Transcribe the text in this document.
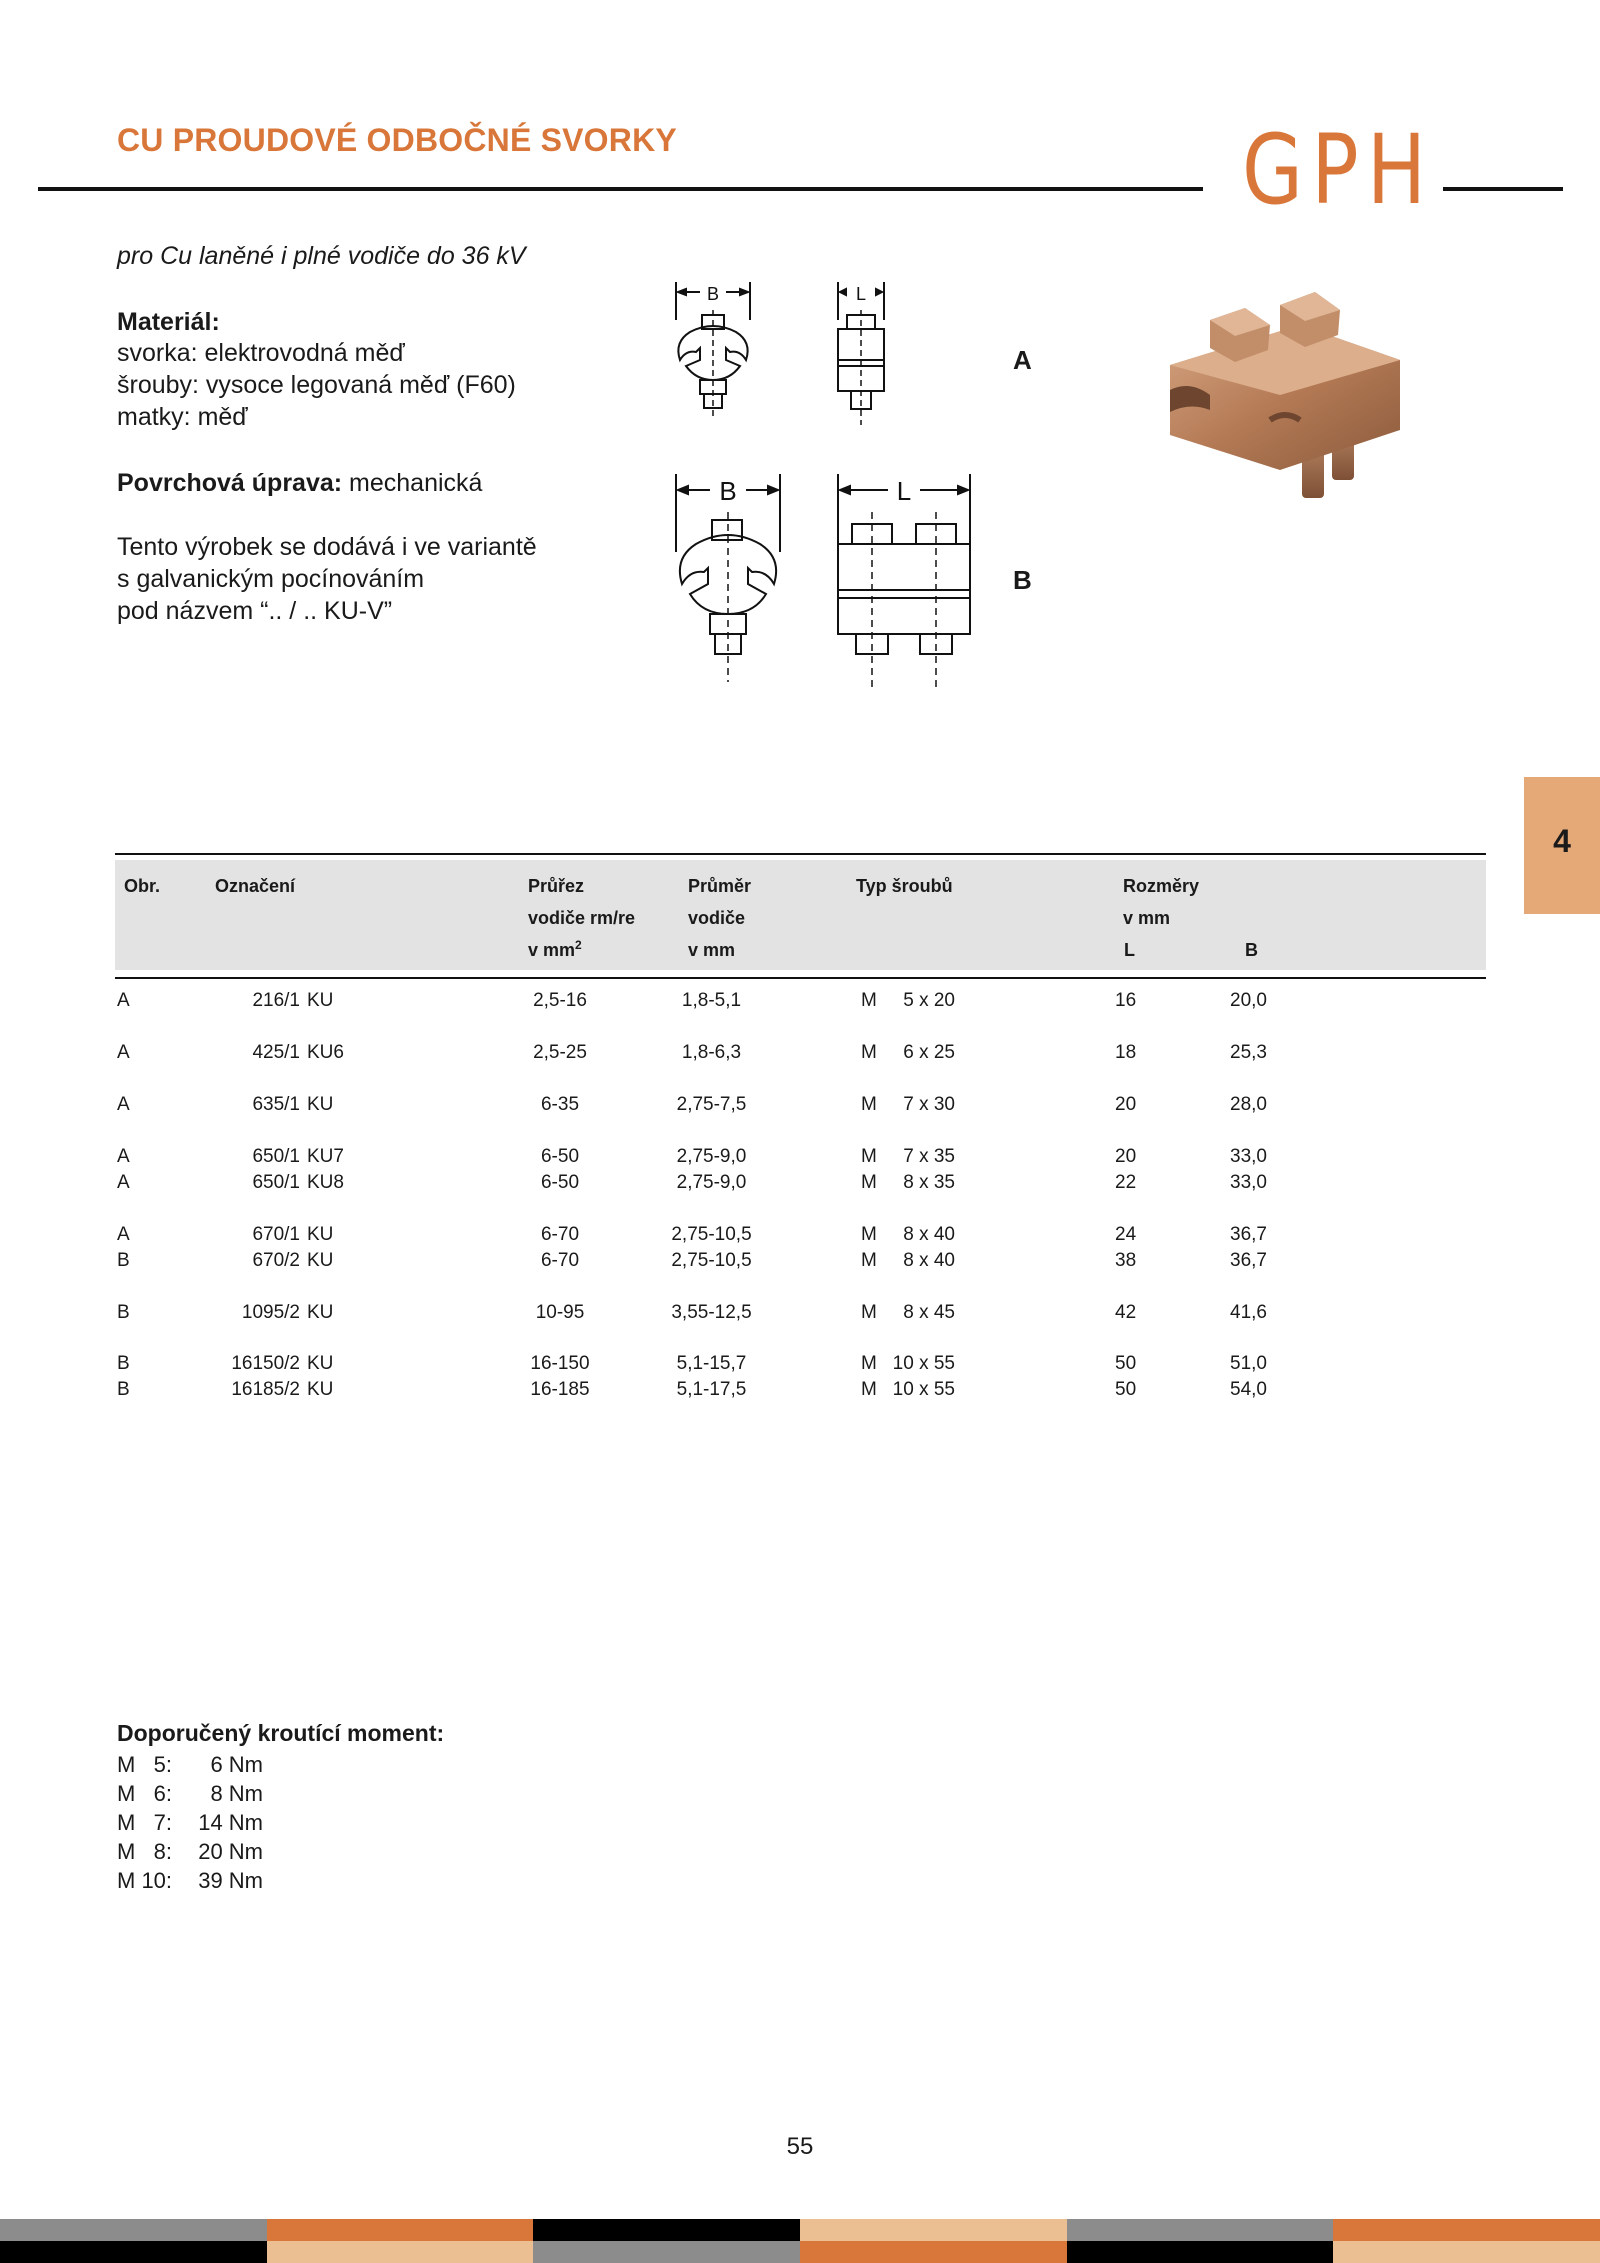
CU PROUDOVÉ ODBOČNÉ SVORKY	GPH
pro Cu laněné i plné vodiče do 36 kV
Materiál:
svorka: elektrovodná měď
šrouby: vysoce legovaná měď (F60)
matky: měď
Povrchová úprava: mechanická
Tento výrobek se dodává i ve variantě
s galvanickým pocínováním
pod názvem “.. / .. KU-V”
B	L
A
B	L
B
4
Obr.	Označení	Průřez
vodiče rm/re
v $mm^2$
Průměr
vodiče
v mm
Typ šroubů	Rozměry
v mm
L	B
A	216/1 KU	2,5-16	1,8-5,1	M	5 x 20	16	20,0
A	425/1 KU6	2,5-25	1,8-6,3	M	6 x 25	18	25,3
A	635/1 KU	6-35	2,75-7,5	M	7 x 30	20	28,0
A	650/1 KU7	6-50	2,75-9,0	M	7 x 35	20	33,0
A	650/1 KU8	6-50	2,75-9,0	M	8 x 35	22	33,0
A	670/1 KU	6-70	2,75-10,5	M	8 x 40	24	36,7
B	670/2 KU	6-70	2,75-10,5	M	8 x 40	38	36,7
B	1095/2 KU	10-95	3,55-12,5	M	8 x 45	42	41,6
B	16150/2 KU	16-150	5,1-15,7	M 10 x 55	50	51,0
B	16185/2 KU	16-185	5,1-17,5	M 10 x 55	50	54,0
Doporučený kroutící moment:
M   5:	6 Nm
M   6:	8 Nm
M   7:	14 Nm
M   8:	20 Nm
M 10:	39 Nm
55
